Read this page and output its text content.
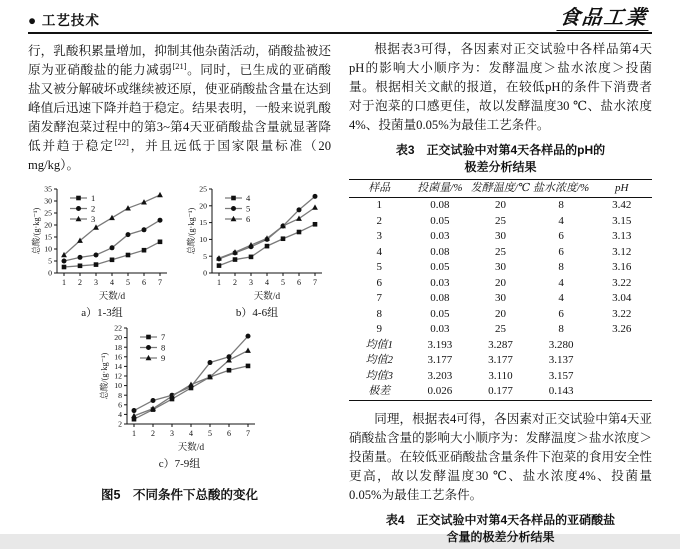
● 工艺技术	食品工業

行，乳酸积累量增加，抑制其他杂菌活动，硝酸盐被还原为亚硝酸盐的能力减弱[21]。同时，已生成的亚硝酸盐又被分解破坏或继续被还原，使亚硝酸盐含量在达到峰值后迅速下降并趋于稳定。结果表明，一般来说乳酸菌发酵泡菜过程中的第3~第4天亚硝酸盐含量就显著降低并趋于稳定[22]，并且远低于国家限量标准（20 mg/kg）。

0
5
10
15
20
25
30
35
1 2 3 4 5 6 7
天数/d
总酸/(g·kg⁻¹)
1
2
3
a）1-3组
0
5
10
15
20
25
1 2 3 4 5 6 7
天数/d
总酸/(g·kg⁻¹)
4
5
6
b）4-6组
2
4
6
8
10
12
14
16
18
20
22
1 2 3 4 5 6 7
天数/d
总酸/(g·kg⁻¹)
7
8
9
c）7-9组
图5　不同条件下总酸的变化

根据表3可得，各因素对正交试验中各样品第4天pH的影响大小顺序为：发酵温度＞盐水浓度＞投菌量。根据相关文献的报道，在较低pH的条件下消费者对于泡菜的口感更佳，故以发酵温度30 ℃、盐水浓度4%、投菌量0.05%为最佳工艺条件。

表3　正交试验中对第4天各样品的pH的
极差分析结果
样品	投菌量/%	发酵温度/℃	盐水浓度/%	pH
1	0.08	20	8	3.42
2	0.05	25	4	3.15
3	0.03	30	6	3.13
4	0.08	25	6	3.12
5	0.05	30	8	3.16
6	0.03	20	4	3.22
7	0.08	30	4	3.04
8	0.05	20	6	3.22
9	0.03	25	8	3.26
均值1	3.193	3.287	3.280	
均值2	3.177	3.177	3.137	
均值3	3.203	3.110	3.157	
极差	0.026	0.177	0.143	

同理，根据表4可得，各因素对正交试验中第4天亚硝酸盐含量的影响大小顺序为：发酵温度＞盐水浓度＞投菌量。在较低亚硝酸盐含量条件下泡菜的食用安全性更高，故以发酵温度30 ℃、盐水浓度4%、投菌量0.05%为最佳工艺条件。

表4　正交试验中对第4天各样品的亚硝酸盐
含量的极差分析结果
